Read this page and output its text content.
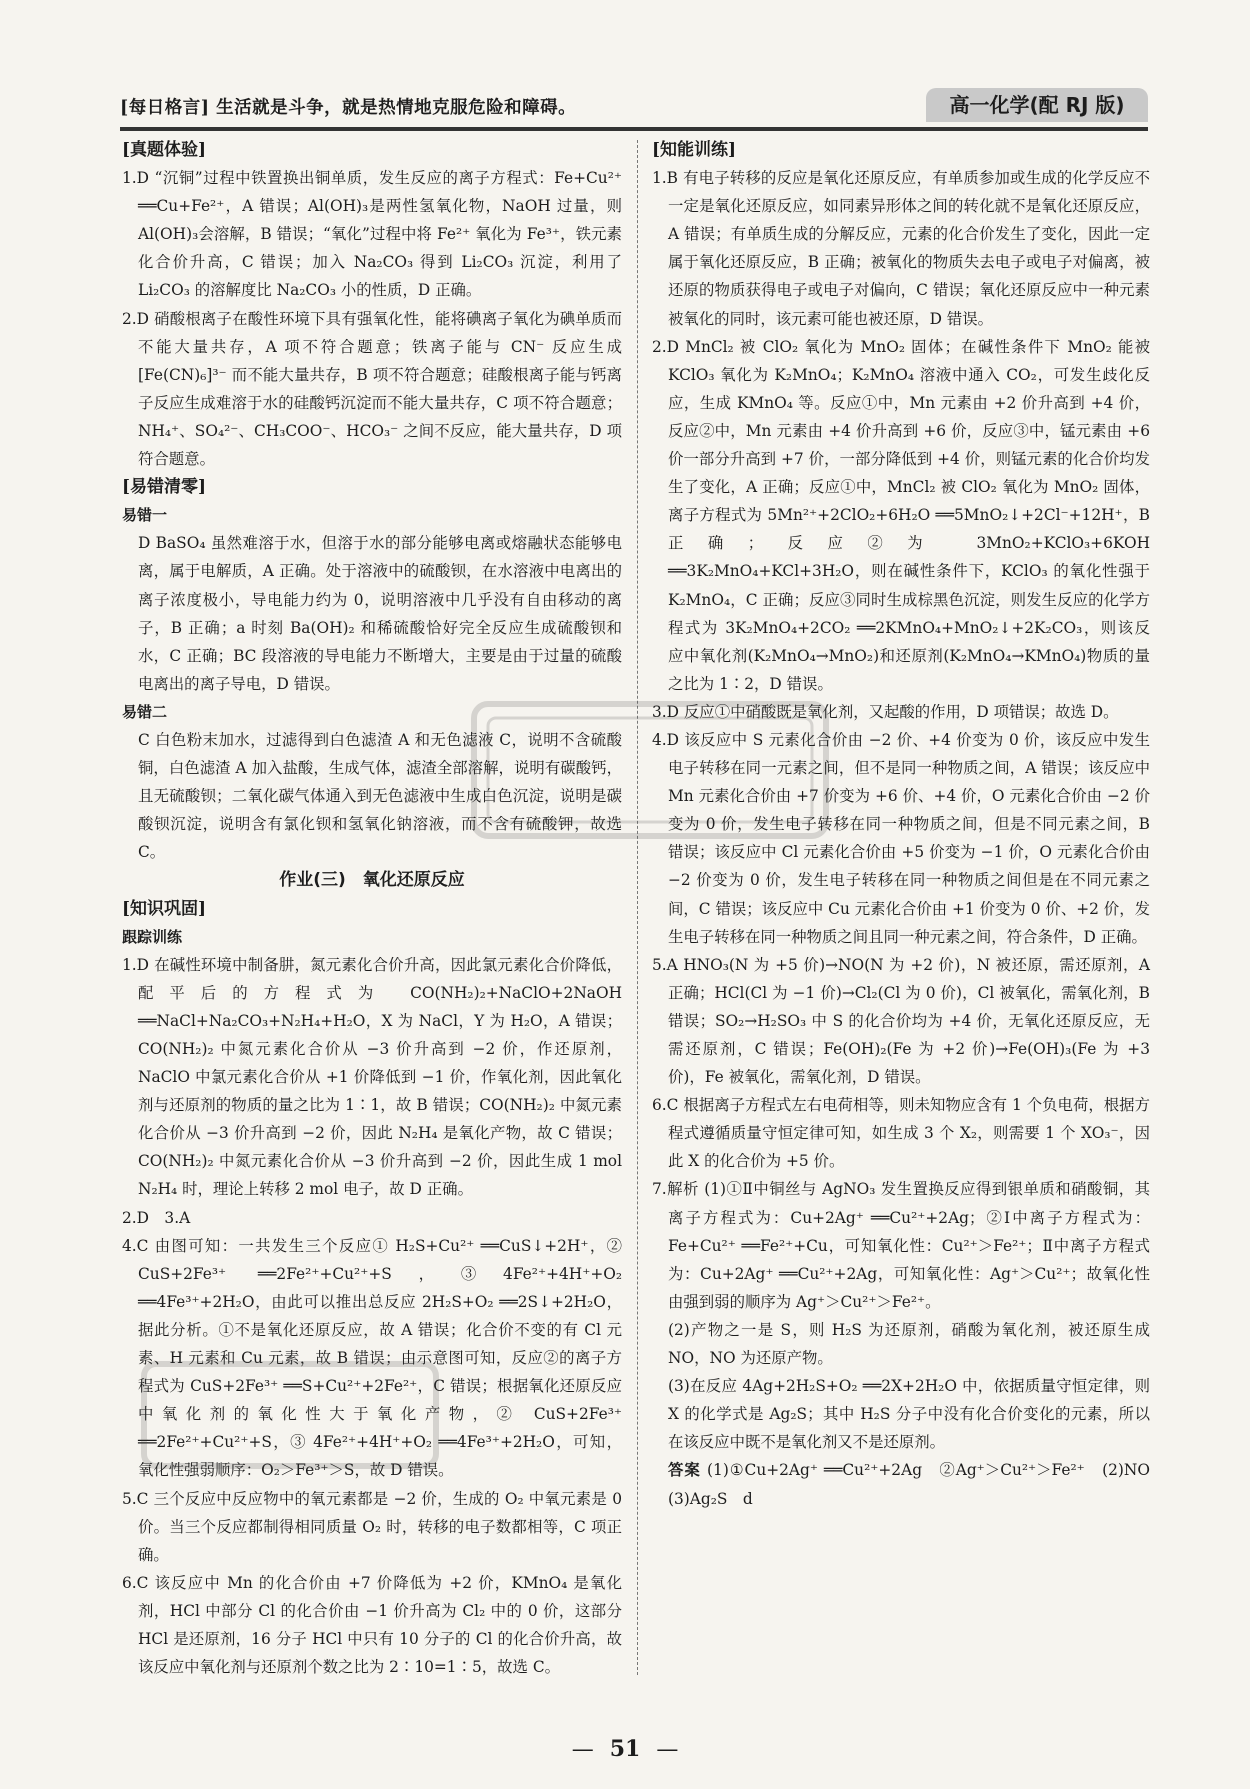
[每日格言] 生活就是斗争，就是热情地克服危险和障碍。	高一化学(配 RJ 版)
[真题体验]
1.D “沉铜”过程中铁置换出铜单质，发生反应的离子方程式：Fe+Cu²⁺ ══Cu+Fe²⁺，A 错误；Al(OH)₃是两性氢氧化物，NaOH 过量，则 Al(OH)₃会溶解，B 错误；“氧化”过程中将 Fe²⁺ 氧化为 Fe³⁺，铁元素化合价升高，C 错误；加入 Na₂CO₃ 得到 Li₂CO₃ 沉淀，利用了 Li₂CO₃ 的溶解度比 Na₂CO₃ 小的性质，D 正确。
2.D 硝酸根离子在酸性环境下具有强氧化性，能将碘离子氧化为碘单质而不能大量共存，A 项不符合题意；铁离子能与 CN⁻ 反应生成[Fe(CN)₆]³⁻ 而不能大量共存，B 项不符合题意；硅酸根离子能与钙离子反应生成难溶于水的硅酸钙沉淀而不能大量共存，C 项不符合题意；NH₄⁺、SO₄²⁻、CH₃COO⁻、HCO₃⁻ 之间不反应，能大量共存，D 项符合题意。
[易错清零]
易错一
D BaSO₄ 虽然难溶于水，但溶于水的部分能够电离或熔融状态能够电离，属于电解质，A 正确。处于溶液中的硫酸钡，在水溶液中电离出的离子浓度极小，导电能力约为 0，说明溶液中几乎没有自由移动的离子，B 正确；a 时刻 Ba(OH)₂ 和稀硫酸恰好完全反应生成硫酸钡和水，C 正确；BC 段溶液的导电能力不断增大，主要是由于过量的硫酸电离出的离子导电，D 错误。
易错二
C 白色粉末加水，过滤得到白色滤渣 A 和无色滤液 C，说明不含硫酸铜，白色滤渣 A 加入盐酸，生成气体，滤渣全部溶解，说明有碳酸钙，且无硫酸钡；二氧化碳气体通入到无色滤液中生成白色沉淀，说明是碳酸钡沉淀，说明含有氯化钡和氢氧化钠溶液，而不含有硫酸钾，故选 C。
作业(三)　氧化还原反应
[知识巩固]
跟踪训练
1.D 在碱性环境中制备肼，氮元素化合价升高，因此氯元素化合价降低，配平后的方程式为 CO(NH₂)₂+NaClO+2NaOH ══NaCl+Na₂CO₃+N₂H₄+H₂O，X 为 NaCl，Y 为 H₂O，A 错误；CO(NH₂)₂ 中氮元素化合价从 −3 价升高到 −2 价，作还原剂，NaClO 中氯元素化合价从 +1 价降低到 −1 价，作氧化剂，因此氧化剂与还原剂的物质的量之比为 1∶1，故 B 错误；CO(NH₂)₂ 中氮元素化合价从 −3 价升高到 −2 价，因此 N₂H₄ 是氧化产物，故 C 错误；CO(NH₂)₂ 中氮元素化合价从 −3 价升高到 −2 价，因此生成 1 mol N₂H₄ 时，理论上转移 2 mol 电子，故 D 正确。
2.D　3.A
4.C 由图可知：一共发生三个反应① H₂S+Cu²⁺ ══CuS↓+2H⁺，② CuS+2Fe³⁺ ══2Fe²⁺+Cu²⁺+S，③4Fe²⁺+4H⁺+O₂ ══4Fe³⁺+2H₂O，由此可以推出总反应 2H₂S+O₂ ══2S↓+2H₂O，据此分析。①不是氧化还原反应，故 A 错误；化合价不变的有 Cl 元素、H 元素和 Cu 元素，故 B 错误；由示意图可知，反应②的离子方程式为 CuS+2Fe³⁺ ══S+Cu²⁺+2Fe²⁺，C 错误；根据氧化还原反应中氧化剂的氧化性大于氧化产物，② CuS+2Fe³⁺ ══2Fe²⁺+Cu²⁺+S，③ 4Fe²⁺+4H⁺+O₂ ══4Fe³⁺+2H₂O，可知，氧化性强弱顺序：O₂＞Fe³⁺＞S，故 D 错误。
5.C 三个反应中反应物中的氧元素都是 −2 价，生成的 O₂ 中氧元素是 0 价。当三个反应都制得相同质量 O₂ 时，转移的电子数都相等，C 项正确。
6.C 该反应中 Mn 的化合价由 +7 价降低为 +2 价，KMnO₄ 是氧化剂，HCl 中部分 Cl 的化合价由 −1 价升高为 Cl₂ 中的 0 价，这部分 HCl 是还原剂，16 分子 HCl 中只有 10 分子的 Cl 的化合价升高，故该反应中氧化剂与还原剂个数之比为 2∶10=1∶5，故选 C。
[知能训练]
1.B 有电子转移的反应是氧化还原反应，有单质参加或生成的化学反应不一定是氧化还原反应，如同素异形体之间的转化就不是氧化还原反应，A 错误；有单质生成的分解反应，元素的化合价发生了变化，因此一定属于氧化还原反应，B 正确；被氧化的物质失去电子或电子对偏离，被还原的物质获得电子或电子对偏向，C 错误；氧化还原反应中一种元素被氧化的同时，该元素可能也被还原，D 错误。
2.D MnCl₂ 被 ClO₂ 氧化为 MnO₂ 固体；在碱性条件下 MnO₂ 能被 KClO₃ 氧化为 K₂MnO₄；K₂MnO₄ 溶液中通入 CO₂，可发生歧化反应，生成 KMnO₄ 等。反应①中，Mn 元素由 +2 价升高到 +4 价，反应②中，Mn 元素由 +4 价升高到 +6 价，反应③中，锰元素由 +6 价一部分升高到 +7 价，一部分降低到 +4 价，则锰元素的化合价均发生了变化，A 正确；反应①中，MnCl₂ 被 ClO₂ 氧化为 MnO₂ 固体，离子方程式为 5Mn²⁺+2ClO₂+6H₂O ══5MnO₂↓+2Cl⁻+12H⁺，B 正确；反应②为 3MnO₂+KClO₃+6KOH ══3K₂MnO₄+KCl+3H₂O，则在碱性条件下，KClO₃ 的氧化性强于 K₂MnO₄，C 正确；反应③同时生成棕黑色沉淀，则发生反应的化学方程式为 3K₂MnO₄+2CO₂ ══2KMnO₄+MnO₂↓+2K₂CO₃，则该反应中氧化剂(K₂MnO₄→MnO₂)和还原剂(K₂MnO₄→KMnO₄)物质的量之比为 1∶2，D 错误。
3.D 反应①中硝酸既是氧化剂，又起酸的作用，D 项错误；故选 D。
4.D 该反应中 S 元素化合价由 −2 价、+4 价变为 0 价，该反应中发生电子转移在同一元素之间，但不是同一种物质之间，A 错误；该反应中 Mn 元素化合价由 +7 价变为 +6 价、+4 价，O 元素化合价由 −2 价变为 0 价，发生电子转移在同一种物质之间，但是不同元素之间，B 错误；该反应中 Cl 元素化合价由 +5 价变为 −1 价，O 元素化合价由 −2 价变为 0 价，发生电子转移在同一种物质之间但是在不同元素之间，C 错误；该反应中 Cu 元素化合价由 +1 价变为 0 价、+2 价，发生电子转移在同一种物质之间且同一种元素之间，符合条件，D 正确。
5.A HNO₃(N 为 +5 价)→NO(N 为 +2 价)，N 被还原，需还原剂，A 正确；HCl(Cl 为 −1 价)→Cl₂(Cl 为 0 价)，Cl 被氧化，需氧化剂，B 错误；SO₂→H₂SO₃ 中 S 的化合价均为 +4 价，无氧化还原反应，无需还原剂，C 错误；Fe(OH)₂(Fe 为 +2 价)→Fe(OH)₃(Fe 为 +3 价)，Fe 被氧化，需氧化剂，D 错误。
6.C 根据离子方程式左右电荷相等，则未知物应含有 1 个负电荷，根据方程式遵循质量守恒定律可知，如生成 3 个 X₂，则需要 1 个 XO₃⁻，因此 X 的化合价为 +5 价。
7.解析 (1)①Ⅱ中铜丝与 AgNO₃ 发生置换反应得到银单质和硝酸铜，其离子方程式为：Cu+2Ag⁺ ══Cu²⁺+2Ag；②Ⅰ中离子方程式为：Fe+Cu²⁺ ══Fe²⁺+Cu，可知氧化性：Cu²⁺＞Fe²⁺；Ⅱ中离子方程式为：Cu+2Ag⁺ ══Cu²⁺+2Ag，可知氧化性：Ag⁺＞Cu²⁺；故氧化性由强到弱的顺序为 Ag⁺＞Cu²⁺＞Fe²⁺。
(2)产物之一是 S，则 H₂S 为还原剂，硝酸为氧化剂，被还原生成 NO，NO 为还原产物。
(3)在反应 4Ag+2H₂S+O₂ ══2X+2H₂O 中，依据质量守恒定律，则 X 的化学式是 Ag₂S；其中 H₂S 分子中没有化合价变化的元素，所以在该反应中既不是氧化剂又不是还原剂。
答案 (1)①Cu+2Ag⁺ ══Cu²⁺+2Ag　②Ag⁺＞Cu²⁺＞Fe²⁺　(2)NO　(3)Ag₂S　d
— 51 —
